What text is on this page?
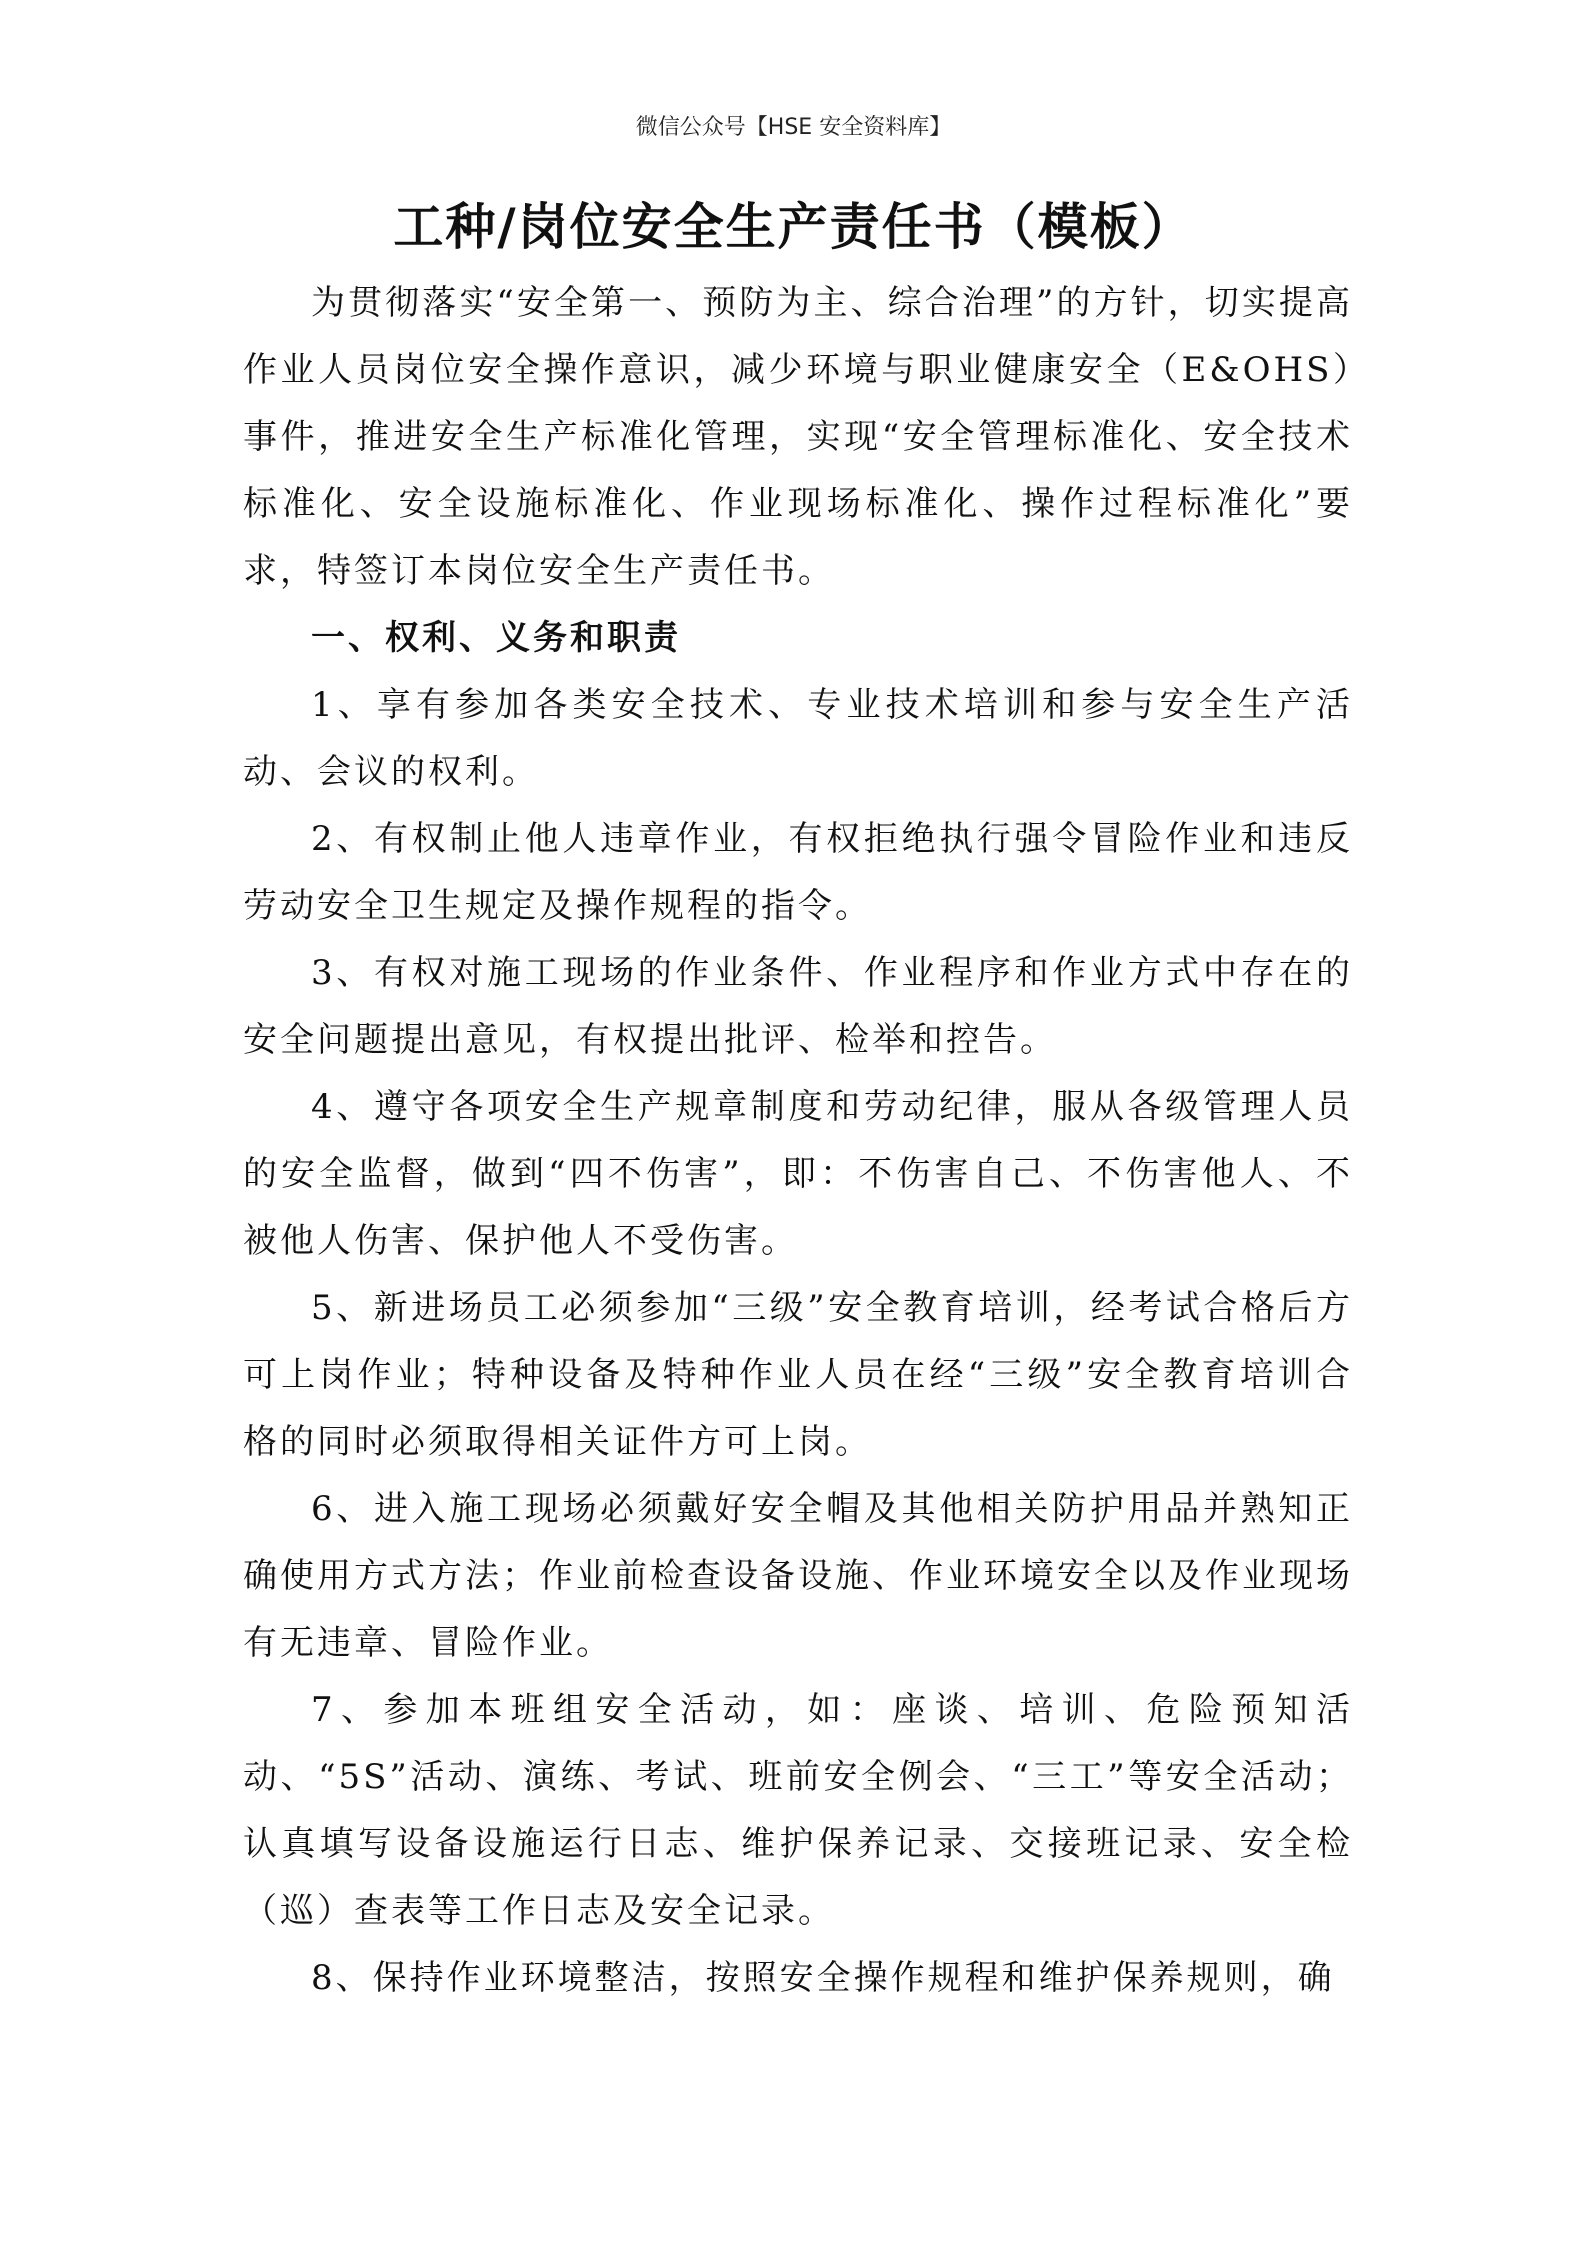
微信公众号【HSE 安全资料库】
工种/岗位安全生产责任书（模板）

为贯彻落实“安全第一、预防为主、综合治理”的方针，切实提高作业人员岗位安全操作意识，减少环境与职业健康安全（E&OHS）事件，推进安全生产标准化管理，实现“安全管理标准化、安全技术标准化、安全设施标准化、作业现场标准化、操作过程标准化”要求，特签订本岗位安全生产责任书。

一、权利、义务和职责

1、享有参加各类安全技术、专业技术培训和参与安全生产活动、会议的权利。

2、有权制止他人违章作业，有权拒绝执行强令冒险作业和违反劳动安全卫生规定及操作规程的指令。

3、有权对施工现场的作业条件、作业程序和作业方式中存在的安全问题提出意见，有权提出批评、检举和控告。

4、遵守各项安全生产规章制度和劳动纪律，服从各级管理人员的安全监督，做到“四不伤害”，即：不伤害自己、不伤害他人、不被他人伤害、保护他人不受伤害。

5、新进场员工必须参加“三级”安全教育培训，经考试合格后方可上岗作业；特种设备及特种作业人员在经“三级”安全教育培训合格的同时必须取得相关证件方可上岗。

6、进入施工现场必须戴好安全帽及其他相关防护用品并熟知正确使用方式方法；作业前检查设备设施、作业环境安全以及作业现场有无违章、冒险作业。

7、参加本班组安全活动，如：座谈、培训、危险预知活动、“5S”活动、演练、考试、班前安全例会、“三工”等安全活动；认真填写设备设施运行日志、维护保养记录、交接班记录、安全检（巡）查表等工作日志及安全记录。

8、保持作业环境整洁，按照安全操作规程和维护保养规则，确
